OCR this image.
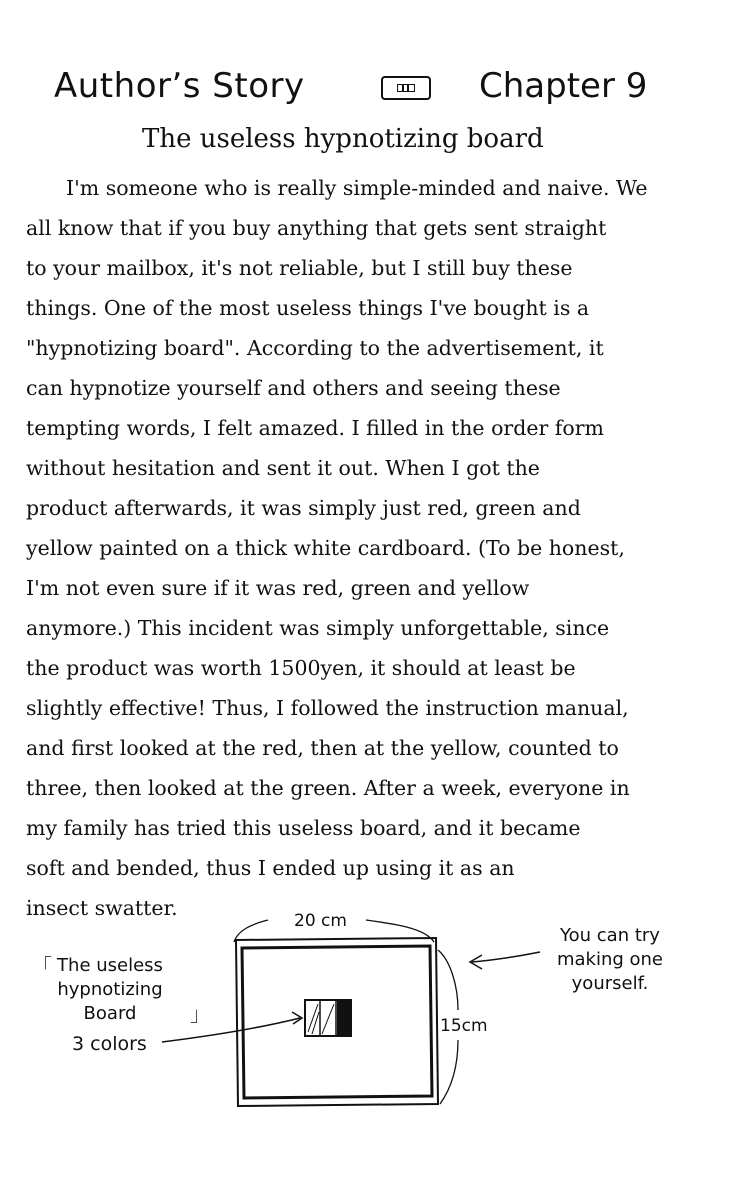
Author’s Story	Chapter 9
The useless hypnotizing board
I'm someone who is really simple-minded and naive. We
all know that if you buy anything that gets sent straight
to your mailbox, it's not reliable, but I still buy these
things. One of the most useless things I've bought is a
"hypnotizing board". According to the advertisement, it
can hypnotize yourself and others and seeing these
tempting words, I felt amazed. I filled in the order form
without hesitation and sent it out. When I got the
product afterwards, it was simply just red, green and
yellow painted on a thick white cardboard. (To be honest,
I'm not even sure if it was red, green and yellow
anymore.) This incident was simply unforgettable, since
the product was worth 1500yen, it should at least be
slightly effective! Thus, I followed the instruction manual,
and first looked at the red, then at the yellow, counted to
three, then looked at the green. After a week, everyone in
my family has tried this useless board, and it became
soft and bended, thus I ended up using it as an
insect swatter.
20 cm
15cm
「 The useless
hypnotizing
Board	」
3 colors
You can try
making one
yourself.
